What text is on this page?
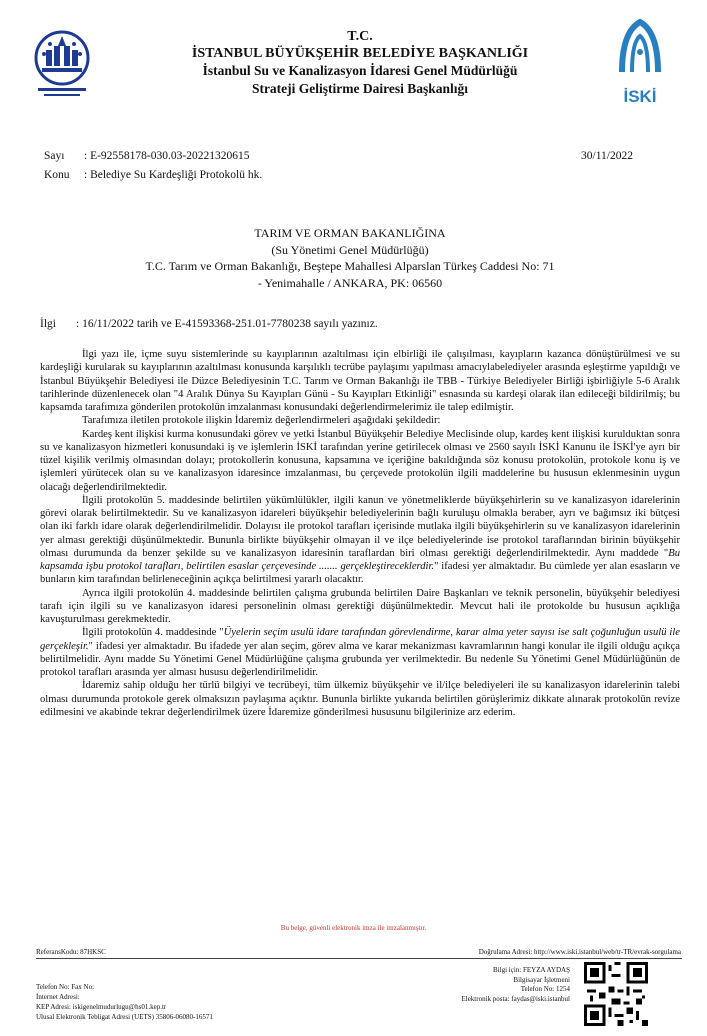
İSKİ
T.C.
İSTANBUL BÜYÜKŞEHİR BELEDİYE BAŞKANLIĞI
İstanbul Su ve Kanalizasyon İdaresi Genel Müdürlüğü
Strateji Geliştirme Dairesi Başkanlığı
Sayı : E-92558178-030.03-20221320615
Konu : Belediye Su Kardeşliği Protokolü hk.
30/11/2022
TARIM VE ORMAN BAKANLIĞINA
(Su Yönetimi Genel Müdürlüğü)
T.C. Tarım ve Orman Bakanlığı, Beştepe Mahallesi Alparslan Türkeş Caddesi No: 71
- Yenimahalle / ANKARA, PK: 06560
İlgi : 16/11/2022 tarih ve E-41593368-251.01-7780238 sayılı yazınız.

İlgi yazı ile, içme suyu sistemlerinde su kayıplarının azaltılması için elbirliği ile çalışılması, kayıpların kazanca dönüştürülmesi ve su kardeşliği kurularak su kayıplarının azaltılması konusunda karşılıklı tecrübe paylaşımı yapılması amacıylabelediyeler arasında eşleştirme yapıldığı ve İstanbul Büyükşehir Belediyesi ile Düzce Belediyesinin T.C. Tarım ve Orman Bakanlığı ile TBB - Türkiye Belediyeler Birliği işbirliğiyle 5-6 Aralık tarihlerinde düzenlenecek olan "4 Aralık Dünya Su Kayıpları Günü - Su Kayıpları Etkinliği" esnasında su kardeşi olarak ilan edileceği bildirilmiş; bu kapsamda tarafımıza gönderilen protokolün imzalanması konusundaki değerlendirmelerimiz ile talep edilmiştir.

Tarafımıza iletilen protokole ilişkin İdaremiz değerlendirmeleri aşağıdaki şekildedir:

Kardeş kent ilişkisi kurma konusundaki görev ve yetki İstanbul Büyükşehir Belediye Meclisinde olup, kardeş kent ilişkisi kurulduktan sonra su ve kanalizasyon hizmetleri konusundaki iş ve işlemlerin İSKİ tarafından yerine getirilecek olması ve 2560 sayılı İSKİ Kanunu ile İSKİ'ye ayrı bir tüzel kişilik verilmiş olmasından dolayı; protokollerin konusuna, kapsamına ve içeriğine bakıldığında söz konusu protokolün, protokole konu iş ve işlemleri yürütecek olan su ve kanalizasyon idaresince imzalanması, bu çerçevede protokolün ilgili maddelerine bu hususun eklenmesinin uygun olacağı değerlendirilmektedir.

İlgili protokolün 5. maddesinde belirtilen yükümlülükler, ilgili kanun ve yönetmeliklerde büyükşehirlerin su ve kanalizasyon idarelerinin görevi olarak belirtilmektedir. Su ve kanalizasyon idareleri büyükşehir belediyelerinin bağlı kuruluşu olmakla beraber, ayrı ve bağımsız iki bütçesi olan iki farklı idare olarak değerlendirilmelidir. Dolayısı ile protokol tarafları içerisinde mutlaka ilgili büyükşehirlerin su ve kanalizasyon idarelerinin yer alması gerektiği düşünülmektedir. Bununla birlikte büyükşehir olmayan il ve ilçe belediyelerinde ise protokol taraflarından birinin büyükşehir olması durumunda da benzer şekilde su ve kanalizasyon idaresinin taraflardan biri olması gerektiği değerlendirilmektedir. Aynı maddede "Bu kapsamda işbu protokol tarafları, belirtilen esaslar çerçevesinde ....... gerçekleştireceklerdir." ifadesi yer almaktadır. Bu cümlede yer alan esasların ve bunların kim tarafından belirleneceğinin açıkça belirtilmesi yararlı olacaktır.

Ayrıca ilgili protokolün 4. maddesinde belirtilen çalışma grubunda belirtilen Daire Başkanları ve teknik personelin, büyükşehir belediyesi tarafı için ilgili su ve kanalizasyon idaresi personelinin olması gerektiği düşünülmektedir. Mevcut hali ile protokolde bu hususun açıklığa kavuşturulması gerekmektedir.

İlgili protokolün 4. maddesinde "Üyelerin seçim usulü idare tarafından görevlendirme, karar alma yeter sayısı ise salt çoğunluğun usulü ile gerçekleşir." ifadesi yer almaktadır. Bu ifadede yer alan seçim, görev alma ve karar mekanizması kavramlarının hangi konular ile ilgili olduğu açıkça belirtilmelidir. Aynı madde Su Yönetimi Genel Müdürlüğüne çalışma grubunda yer verilmektedir. Bu nedenle Su Yönetimi Genel Müdürlüğünün de protokol tarafları arasında yer alması hususu değerlendirilmelidir.

İdaremiz sahip olduğu her türlü bilgiyi ve tecrübeyi, tüm ülkemiz büyükşehir ve il/ilçe belediyeleri ile su kanalizasyon idarelerinin talebi olması durumunda protokole gerek olmaksızın paylaşıma açıktır. Bununla birlikte yukarıda belirtilen görüşlerimiz dikkate alınarak protokolün revize edilmesini ve akabinde tekrar değerlendirilmek üzere İdaremize gönderilmesi hususunu bilgilerinize arz ederim.

Bu belge, güvenli elektronik imza ile imzalanmıştır.
ReferansKodu: 87HKSC	Doğrulama Adresi: http://www.iski.istanbul/web/tr-TR/evrak-sorgulama
Telefon No: Fax No:
İnternet Adresi:
KEP Adresi: iskigenelmudurlugu@hs01.kep.tr
Ulusal Elektronik Tebligat Adresi (UETS) 35806-06080-16571
Bilgi için: FEYZA AYDAŞ
Bilgisayar İşletmeni
Telefon No: 1254
Elektronik posta: faydas@iski.istanbul
